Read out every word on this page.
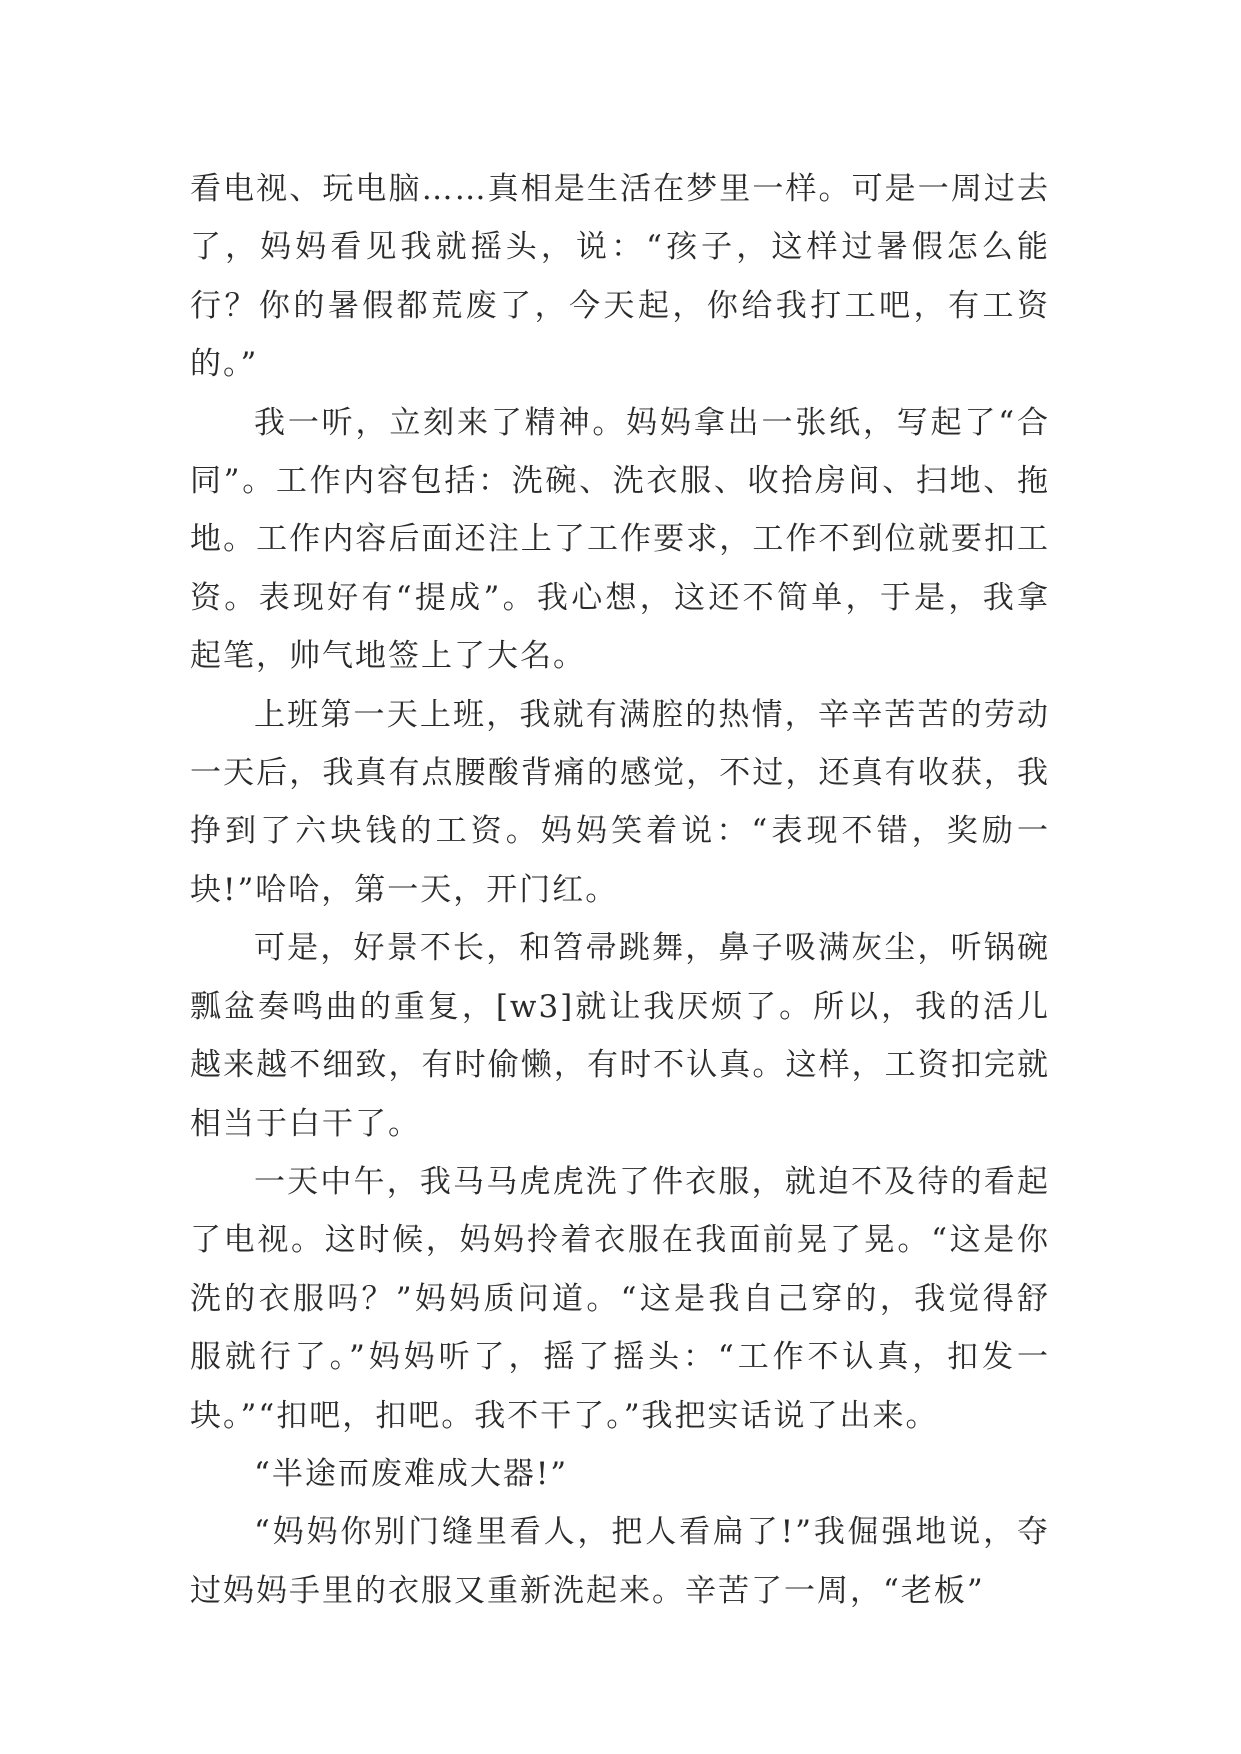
看电视、玩电脑……真相是生活在梦里一样。可是一周过去了，妈妈看见我就摇头，说：“孩子，这样过暑假怎么能行？你的暑假都荒废了，今天起，你给我打工吧，有工资的。”

我一听，立刻来了精神。妈妈拿出一张纸，写起了“合同”。工作内容包括：洗碗、洗衣服、收拾房间、扫地、拖地。工作内容后面还注上了工作要求，工作不到位就要扣工资。表现好有“提成”。我心想，这还不简单，于是，我拿起笔，帅气地签上了大名。

上班第一天上班，我就有满腔的热情，辛辛苦苦的劳动一天后，我真有点腰酸背痛的感觉，不过，还真有收获，我挣到了六块钱的工资。妈妈笑着说：“表现不错，奖励一块!”哈哈，第一天，开门红。

可是，好景不长，和笤帚跳舞，鼻子吸满灰尘，听锅碗瓢盆奏鸣曲的重复，[w3]就让我厌烦了。所以，我的活儿越来越不细致，有时偷懒，有时不认真。这样，工资扣完就相当于白干了。

一天中午，我马马虎虎洗了件衣服，就迫不及待的看起了电视。这时候，妈妈拎着衣服在我面前晃了晃。“这是你洗的衣服吗？”妈妈质问道。“这是我自己穿的，我觉得舒服就行了。”妈妈听了，摇了摇头：“工作不认真，扣发一块。”“扣吧，扣吧。我不干了。”我把实话说了出来。

“半途而废难成大器!”

“妈妈你别门缝里看人，把人看扁了!”我倔强地说，夺过妈妈手里的衣服又重新洗起来。辛苦了一周，“老板”
